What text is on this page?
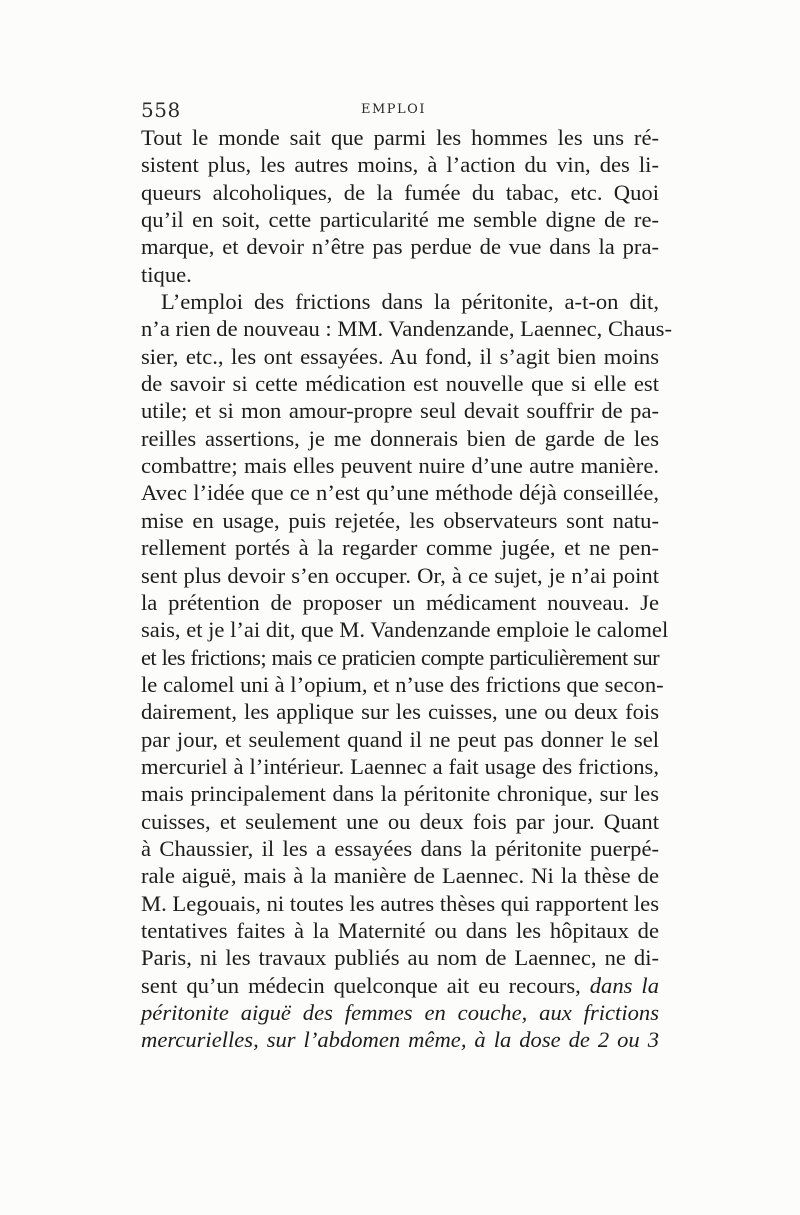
558	EMPLOI
Tout le monde sait que parmi les hommes les uns ré-
sistent plus, les autres moins, à l’action du vin, des li-
queurs alcoholiques, de la fumée du tabac, etc. Quoi
qu’il en soit, cette particularité me semble digne de re-
marque, et devoir n’être pas perdue de vue dans la pra-
tique.
L’emploi des frictions dans la péritonite, a-t-on dit,
n’a rien de nouveau : MM. Vandenzande, Laennec, Chaus-
sier, etc., les ont essayées. Au fond, il s’agit bien moins
de savoir si cette médication est nouvelle que si elle est
utile; et si mon amour-propre seul devait souffrir de pa-
reilles assertions, je me donnerais bien de garde de les
combattre; mais elles peuvent nuire d’une autre manière.
Avec l’idée que ce n’est qu’une méthode déjà conseillée,
mise en usage, puis rejetée, les observateurs sont natu-
rellement portés à la regarder comme jugée, et ne pen-
sent plus devoir s’en occuper. Or, à ce sujet, je n’ai point
la prétention de proposer un médicament nouveau. Je
sais, et je l’ai dit, que M. Vandenzande emploie le calomel
et les frictions; mais ce praticien compte particulièrement sur
le calomel uni à l’opium, et n’use des frictions que secon-
dairement, les applique sur les cuisses, une ou deux fois
par jour, et seulement quand il ne peut pas donner le sel
mercuriel à l’intérieur. Laennec a fait usage des frictions,
mais principalement dans la péritonite chronique, sur les
cuisses, et seulement une ou deux fois par jour. Quant
à Chaussier, il les a essayées dans la péritonite puerpé-
rale aiguë, mais à la manière de Laennec. Ni la thèse de
M. Legouais, ni toutes les autres thèses qui rapportent les
tentatives faites à la Maternité ou dans les hôpitaux de
Paris, ni les travaux publiés au nom de Laennec, ne di-
sent qu’un médecin quelconque ait eu recours, dans la
péritonite aiguë des femmes en couche, aux frictions
mercurielles, sur l’abdomen même, à la dose de 2 ou 3
